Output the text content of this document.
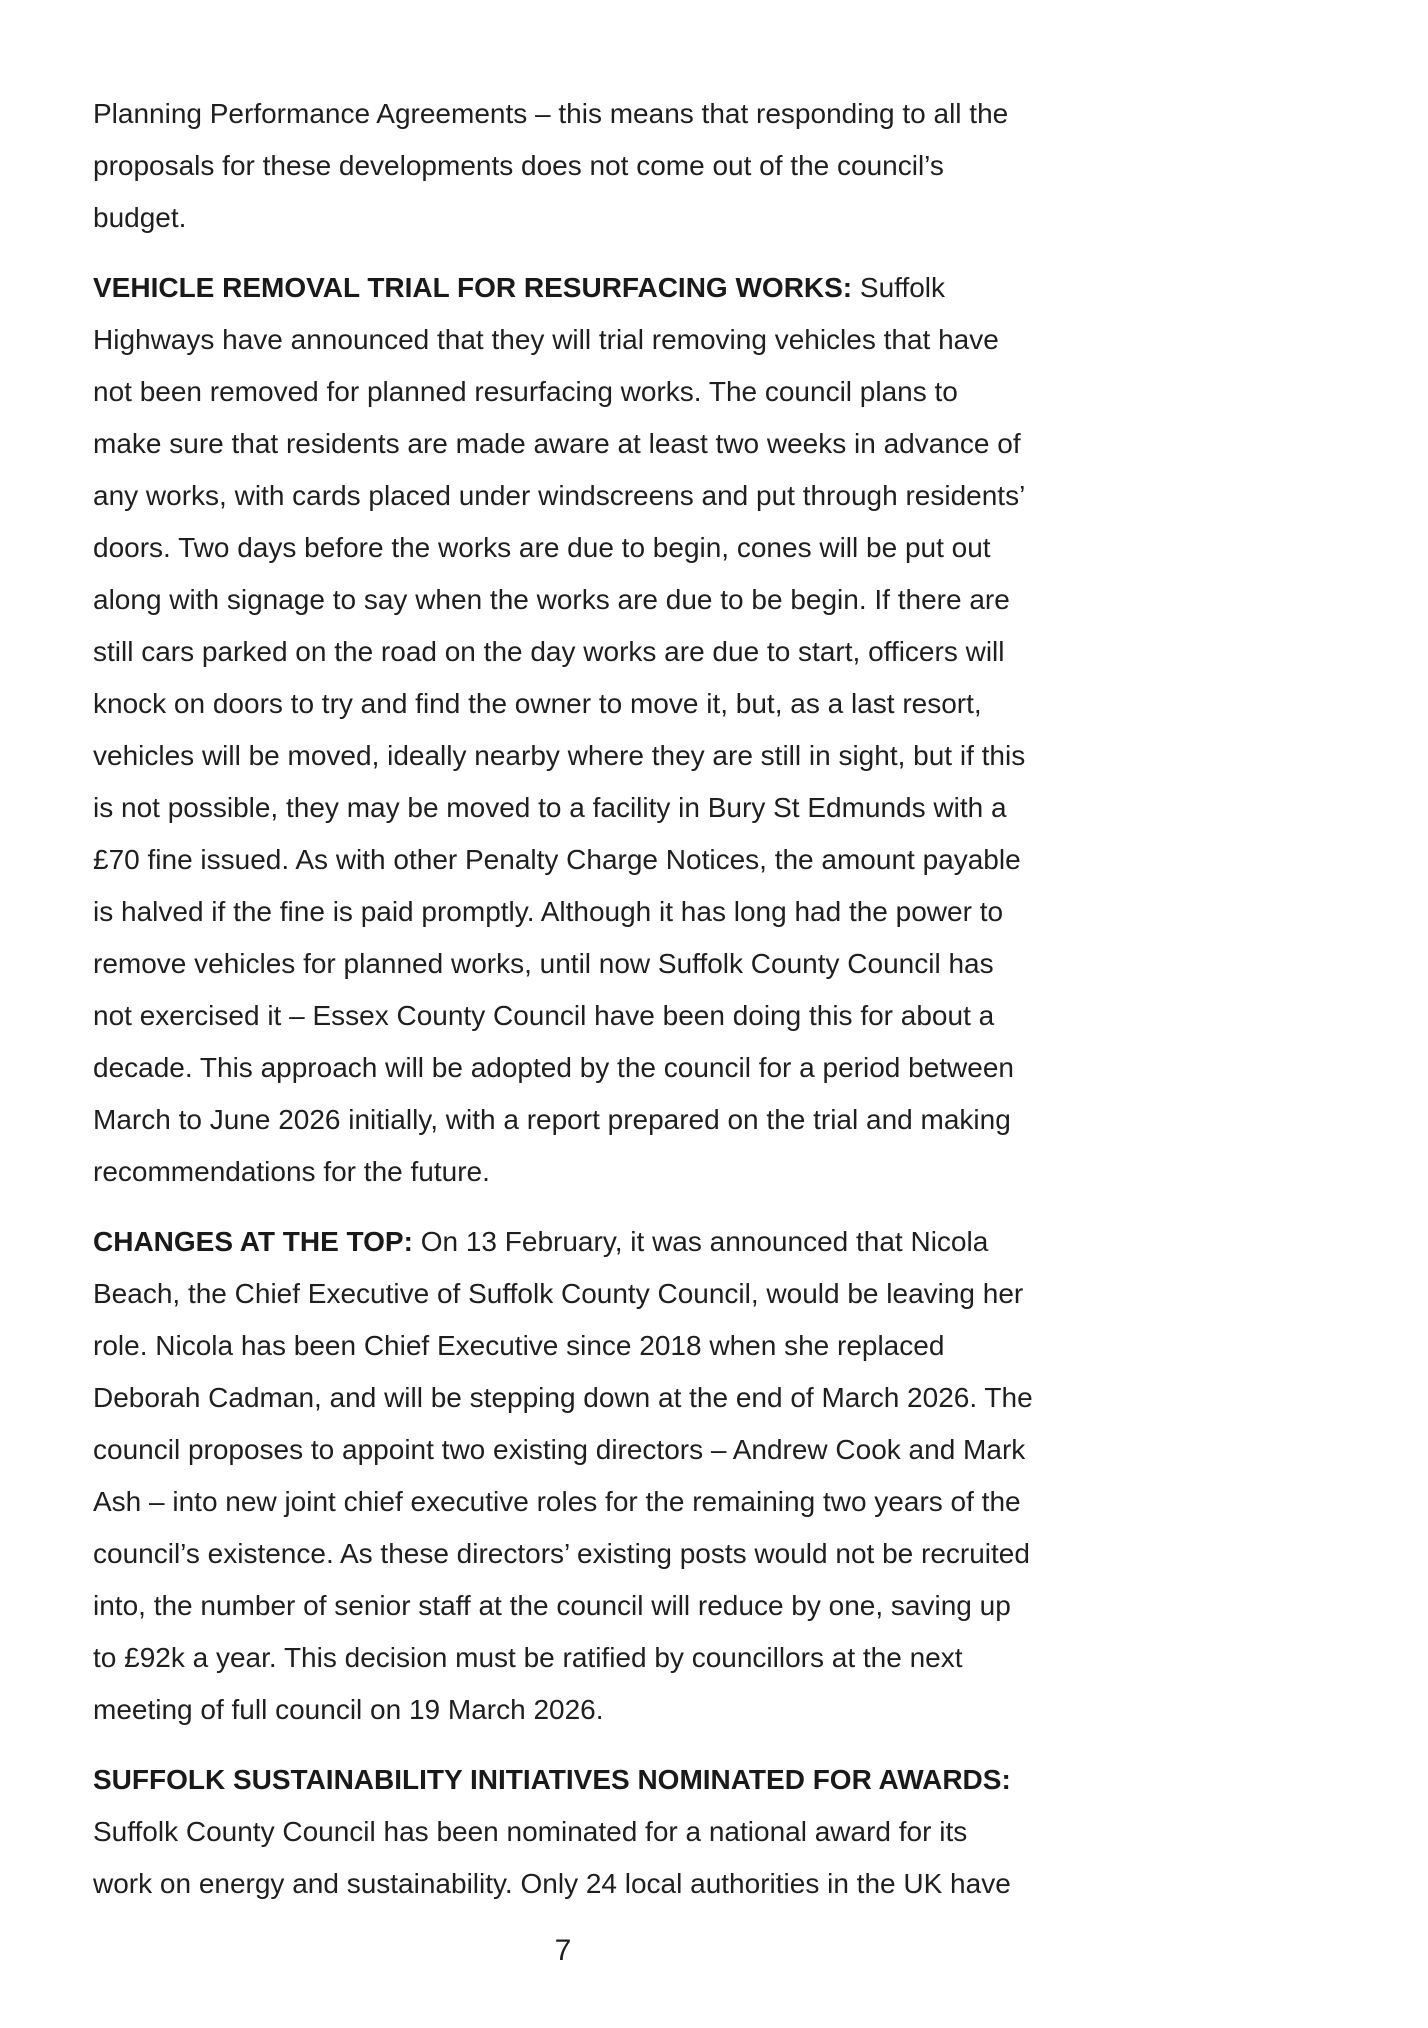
Planning Performance Agreements – this means that responding to all the proposals for these developments does not come out of the council’s budget.

VEHICLE REMOVAL TRIAL FOR RESURFACING WORKS: Suffolk Highways have announced that they will trial removing vehicles that have not been removed for planned resurfacing works. The council plans to make sure that residents are made aware at least two weeks in advance of any works, with cards placed under windscreens and put through residents’ doors. Two days before the works are due to begin, cones will be put out along with signage to say when the works are due to be begin. If there are still cars parked on the road on the day works are due to start, officers will knock on doors to try and find the owner to move it, but, as a last resort, vehicles will be moved, ideally nearby where they are still in sight, but if this is not possible, they may be moved to a facility in Bury St Edmunds with a £70 fine issued. As with other Penalty Charge Notices, the amount payable is halved if the fine is paid promptly. Although it has long had the power to remove vehicles for planned works, until now Suffolk County Council has not exercised it – Essex County Council have been doing this for about a decade. This approach will be adopted by the council for a period between March to June 2026 initially, with a report prepared on the trial and making recommendations for the future.

CHANGES AT THE TOP: On 13 February, it was announced that Nicola Beach, the Chief Executive of Suffolk County Council, would be leaving her role. Nicola has been Chief Executive since 2018 when she replaced Deborah Cadman, and will be stepping down at the end of March 2026. The council proposes to appoint two existing directors – Andrew Cook and Mark Ash – into new joint chief executive roles for the remaining two years of the council’s existence. As these directors’ existing posts would not be recruited into, the number of senior staff at the council will reduce by one, saving up to £92k a year. This decision must be ratified by councillors at the next meeting of full council on 19 March 2026.

SUFFOLK SUSTAINABILITY INITIATIVES NOMINATED FOR AWARDS: Suffolk County Council has been nominated for a national award for its work on energy and sustainability. Only 24 local authorities in the UK have

7
